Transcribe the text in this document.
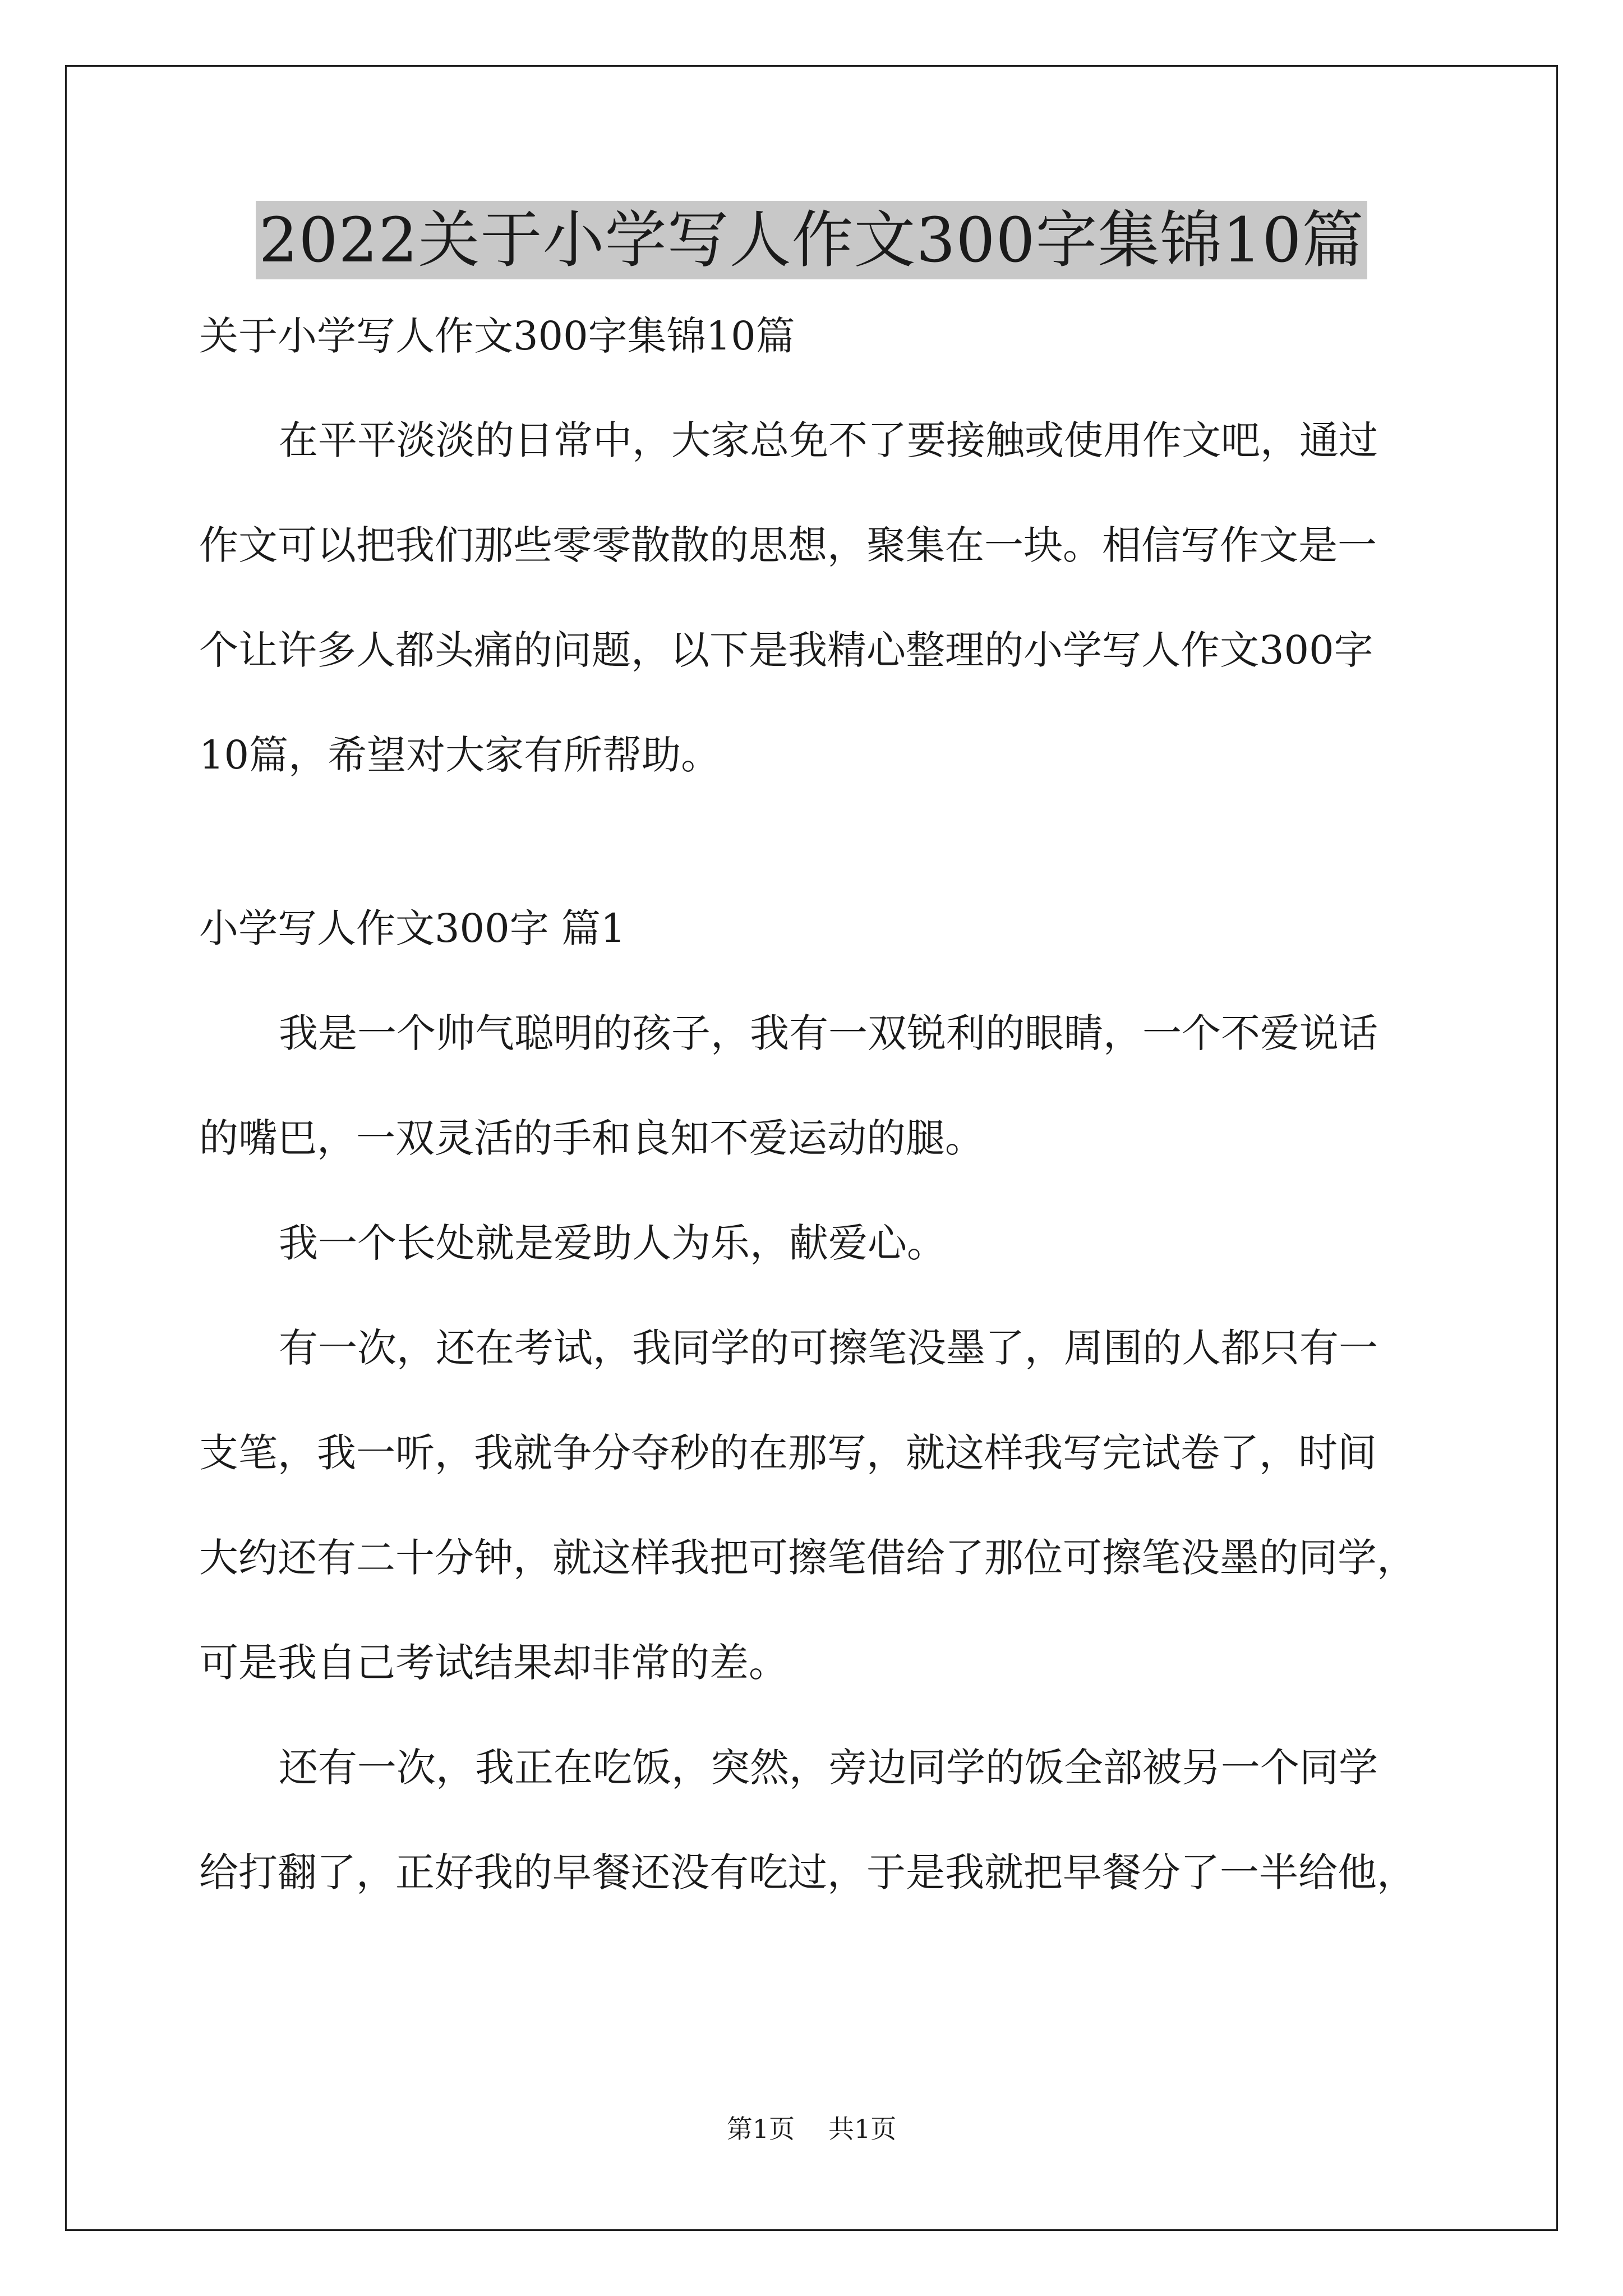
2022关于小学写人作文300字集锦10篇

关于小学写人作文300字集锦10篇

在平平淡淡的日常中，大家总免不了要接触或使用作文吧，通过

作文可以把我们那些零零散散的思想，聚集在一块。相信写作文是一

个让许多人都头痛的问题，以下是我精心整理的小学写人作文300字

10篇，希望对大家有所帮助。

小学写人作文300字 篇1

我是一个帅气聪明的孩子，我有一双锐利的眼睛，一个不爱说话

的嘴巴，一双灵活的手和良知不爱运动的腿。

我一个长处就是爱助人为乐，献爱心。

有一次，还在考试，我同学的可擦笔没墨了，周围的人都只有一

支笔，我一听，我就争分夺秒的在那写，就这样我写完试卷了，时间

大约还有二十分钟，就这样我把可擦笔借给了那位可擦笔没墨的同学，

可是我自己考试结果却非常的差。

还有一次，我正在吃饭，突然，旁边同学的饭全部被另一个同学

给打翻了，正好我的早餐还没有吃过，于是我就把早餐分了一半给他，

第1页 共1页
